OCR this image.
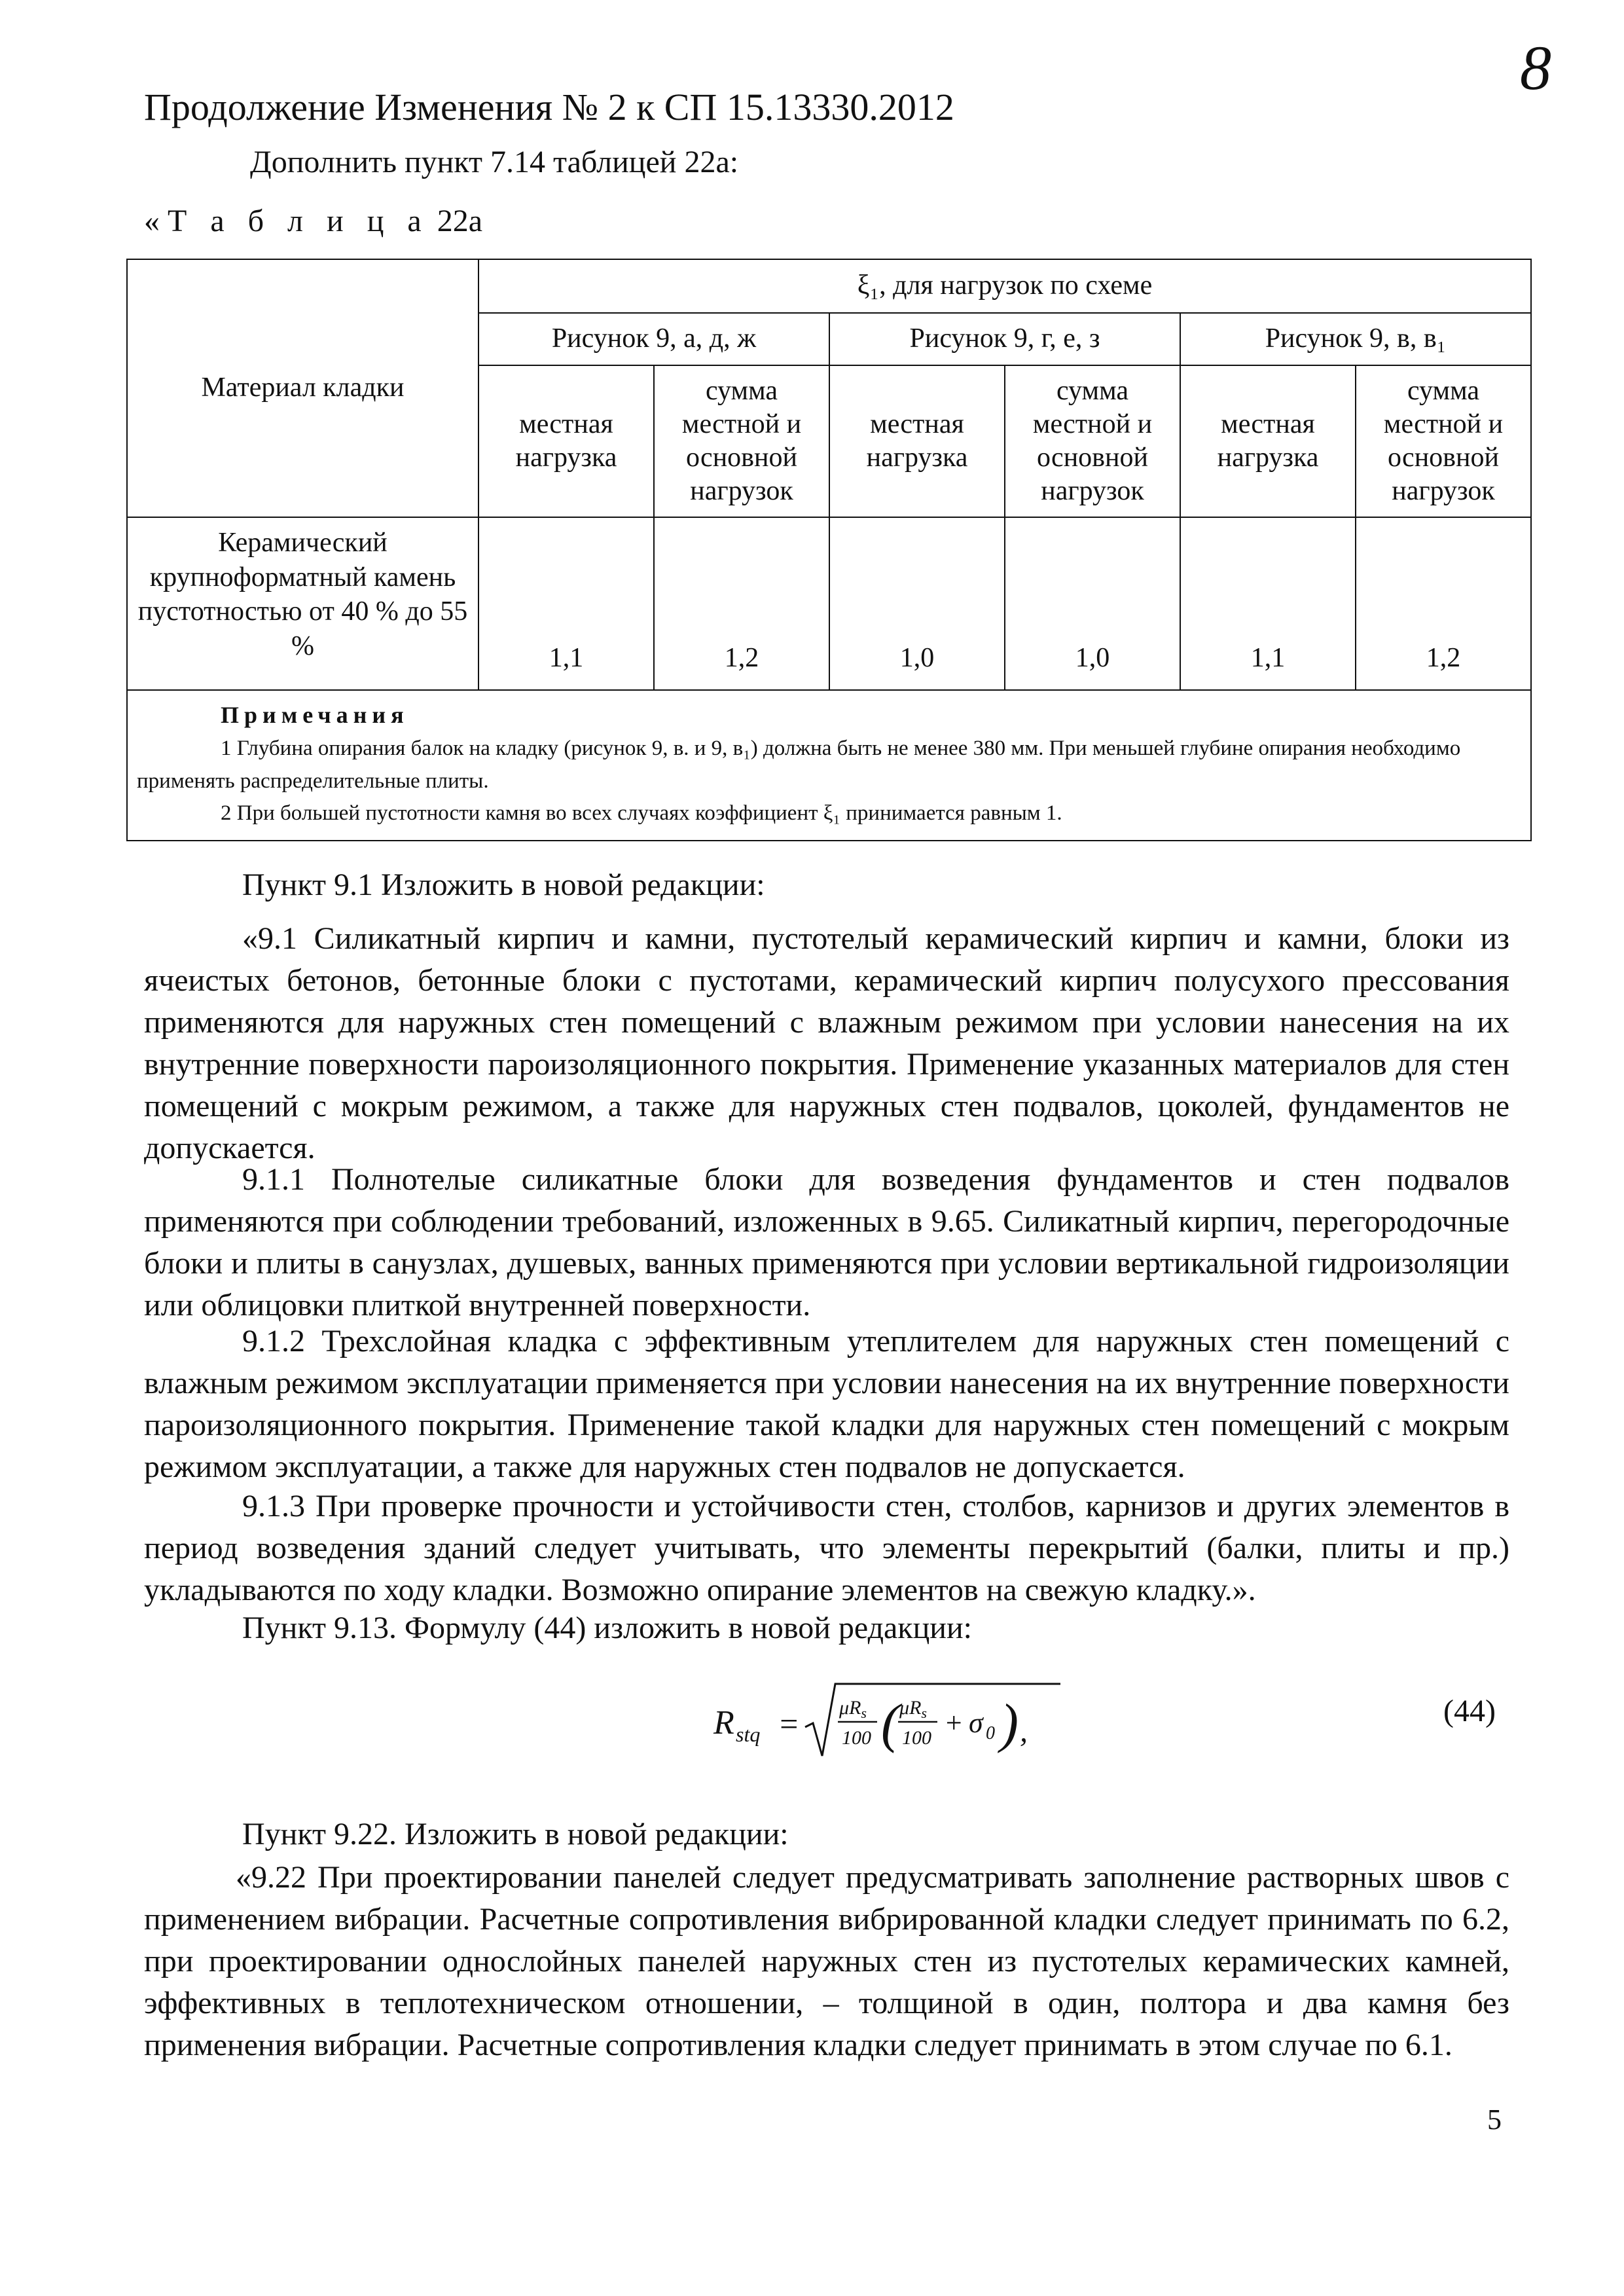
8
Продолжение Изменения № 2 к СП 15.13330.2012
Дополнить пункт 7.14 таблицей 22а:
«Т а б л и ц а 22а
Материал кладки	ξ₁, для нагрузок по схеме					
	Рисунок 9, а, д, ж		Рисунок 9, г, е, з		Рисунок 9, в, в₁	
	местная нагрузка	сумма местной и основной нагрузок	местная нагрузка	сумма местной и основной нагрузок	местная нагрузка	сумма местной и основной нагрузок
Керамический крупноформатный камень пустотностью от 40 % до 55 %	1,1	1,2	1,0	1,0	1,1	1,2

Примечания
1 Глубина опирания балок на кладку (рисунок 9, в. и 9, в₁) должна быть не менее 380 мм. При меньшей глубине опирания необходимо применять распределительные плиты.
2 При большей пустотности камня во всех случаях коэффициент ξ₁ принимается равным 1.						
Пункт 9.1 Изложить в новой редакции:
«9.1 Силикатный кирпич и камни, пустотелый керамический кирпич и камни, блоки из ячеистых бетонов, бетонные блоки с пустотами, керамический кирпич полусухого прессования применяются для наружных стен помещений с влажным режимом при условии нанесения на их внутренние поверхности пароизоляционного покрытия. Применение указанных материалов для стен помещений с мокрым режимом, а также для наружных стен подвалов, цоколей, фундаментов не допускается.
9.1.1 Полнотелые силикатные блоки для возведения фундаментов и стен подвалов применяются при соблюдении требований, изложенных в 9.65. Силикатный кирпич, перегородочные блоки и плиты в санузлах, душевых, ванных применяются при условии вертикальной гидроизоляции или облицовки плиткой внутренней поверхности.
9.1.2 Трехслойная кладка с эффективным утеплителем для наружных стен помещений с влажным режимом эксплуатации применяется при условии нанесения на их внутренние поверхности пароизоляционного покрытия. Применение такой кладки для наружных стен помещений с мокрым режимом эксплуатации, а также для наружных стен подвалов не допускается.
9.1.3 При проверке прочности и устойчивости стен, столбов, карнизов и других элементов в период возведения зданий следует учитывать, что элементы перекрытий (балки, плиты и пр.) укладываются по ходу кладки. Возможно опирание элементов на свежую кладку.».
Пункт 9.13. Формулу (44) изложить в новой редакции:
R stq = $\mu R_s$
100 ( $\mu R_s$
100 + σ 0 ) ,
(44)
Пункт 9.22. Изложить в новой редакции:
«9.22 При проектировании панелей следует предусматривать заполнение растворных швов с применением вибрации. Расчетные сопротивления вибрированной кладки следует принимать по 6.2, при проектировании однослойных панелей наружных стен из пустотелых керамических камней, эффективных в теплотехническом отношении, – толщиной в один, полтора и два камня без применения вибрации. Расчетные сопротивления кладки следует принимать в этом случае по 6.1.
5
